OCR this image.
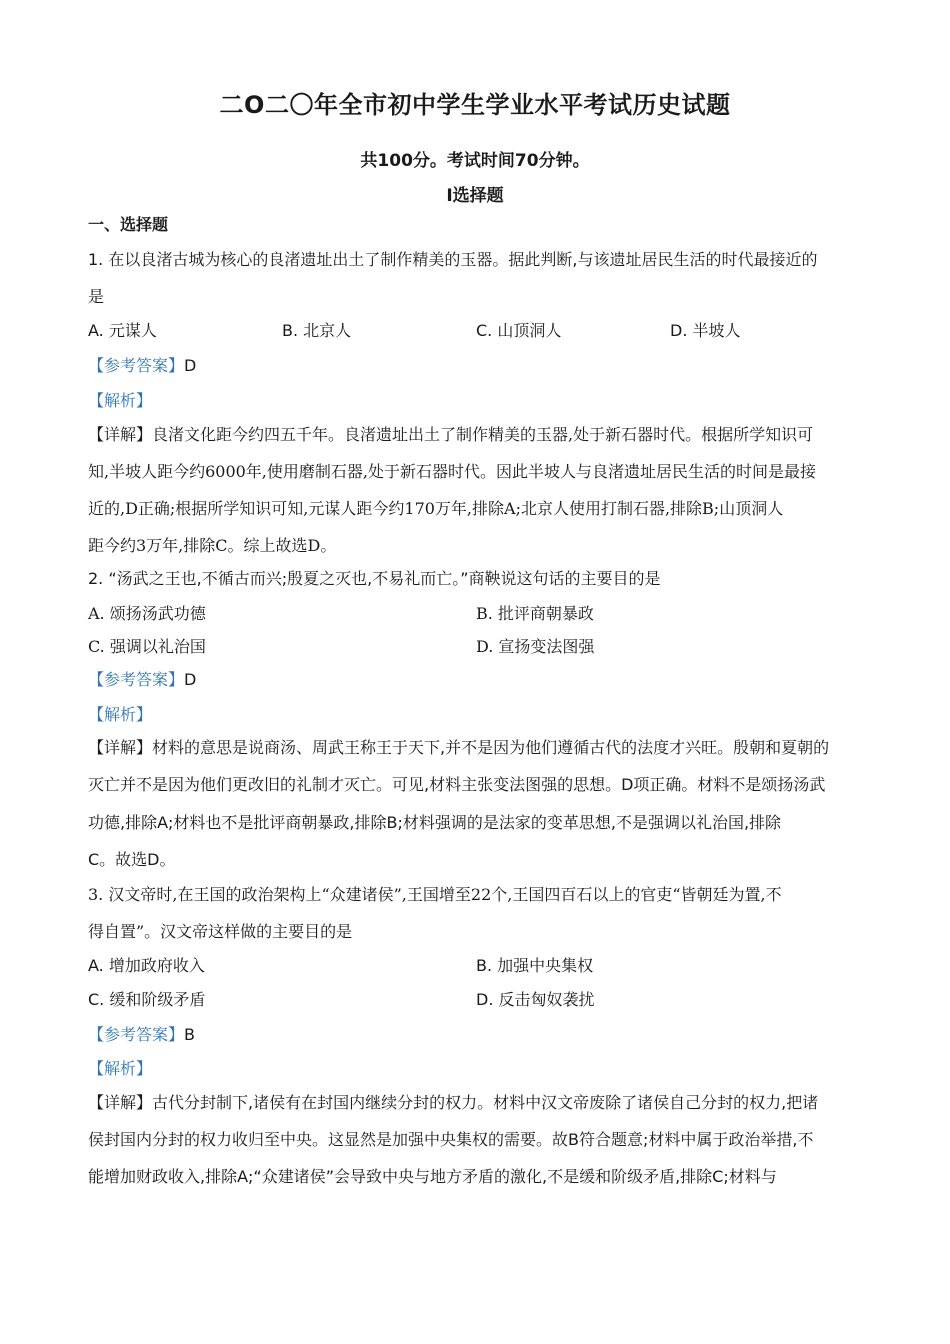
二O二〇年全市初中学生学业水平考试历史试题
共100分。考试时间70分钟。
I选择题
一、选择题
1. 在以良渚古城为核心的良渚遗址出土了制作精美的玉器。据此判断,与该遗址居民生活的时代最接近的
是
A. 元谋人	B. 北京人	C. 山顶洞人	D. 半坡人
【参考答案】D
【解析】
【详解】良渚文化距今约四五千年。良渚遗址出土了制作精美的玉器,处于新石器时代。根据所学知识可
知,半坡人距今约6000年,使用磨制石器,处于新石器时代。因此半坡人与良渚遗址居民生活的时间是最接
近的,D正确;根据所学知识可知,元谋人距今约170万年,排除A;北京人使用打制石器,排除B;山顶洞人
距今约3万年,排除C。综上故选D。
2. “汤武之王也,不循古而兴;殷夏之灭也,不易礼而亡。”商鞅说这句话的主要目的是
A. 颂扬汤武功德	B. 批评商朝暴政
C. 强调以礼治国	D. 宣扬变法图强
【参考答案】D
【解析】
【详解】材料的意思是说商汤、周武王称王于天下,并不是因为他们遵循古代的法度才兴旺。殷朝和夏朝的
灭亡并不是因为他们更改旧的礼制才灭亡。可见,材料主张变法图强的思想。D项正确。材料不是颂扬汤武
功德,排除A;材料也不是批评商朝暴政,排除B;材料强调的是法家的变革思想,不是强调以礼治国,排除
C。故选D。
3. 汉文帝时,在王国的政治架构上“众建诸侯”,王国增至22个,王国四百石以上的官吏“皆朝廷为置,不
得自置”。汉文帝这样做的主要目的是
A. 增加政府收入	B. 加强中央集权
C. 缓和阶级矛盾	D. 反击匈奴袭扰
【参考答案】B
【解析】
【详解】古代分封制下,诸侯有在封国内继续分封的权力。材料中汉文帝废除了诸侯自己分封的权力,把诸
侯封国内分封的权力收归至中央。这显然是加强中央集权的需要。故B符合题意;材料中属于政治举措,不
能增加财政收入,排除A;“众建诸侯”会导致中央与地方矛盾的激化,不是缓和阶级矛盾,排除C;材料与
